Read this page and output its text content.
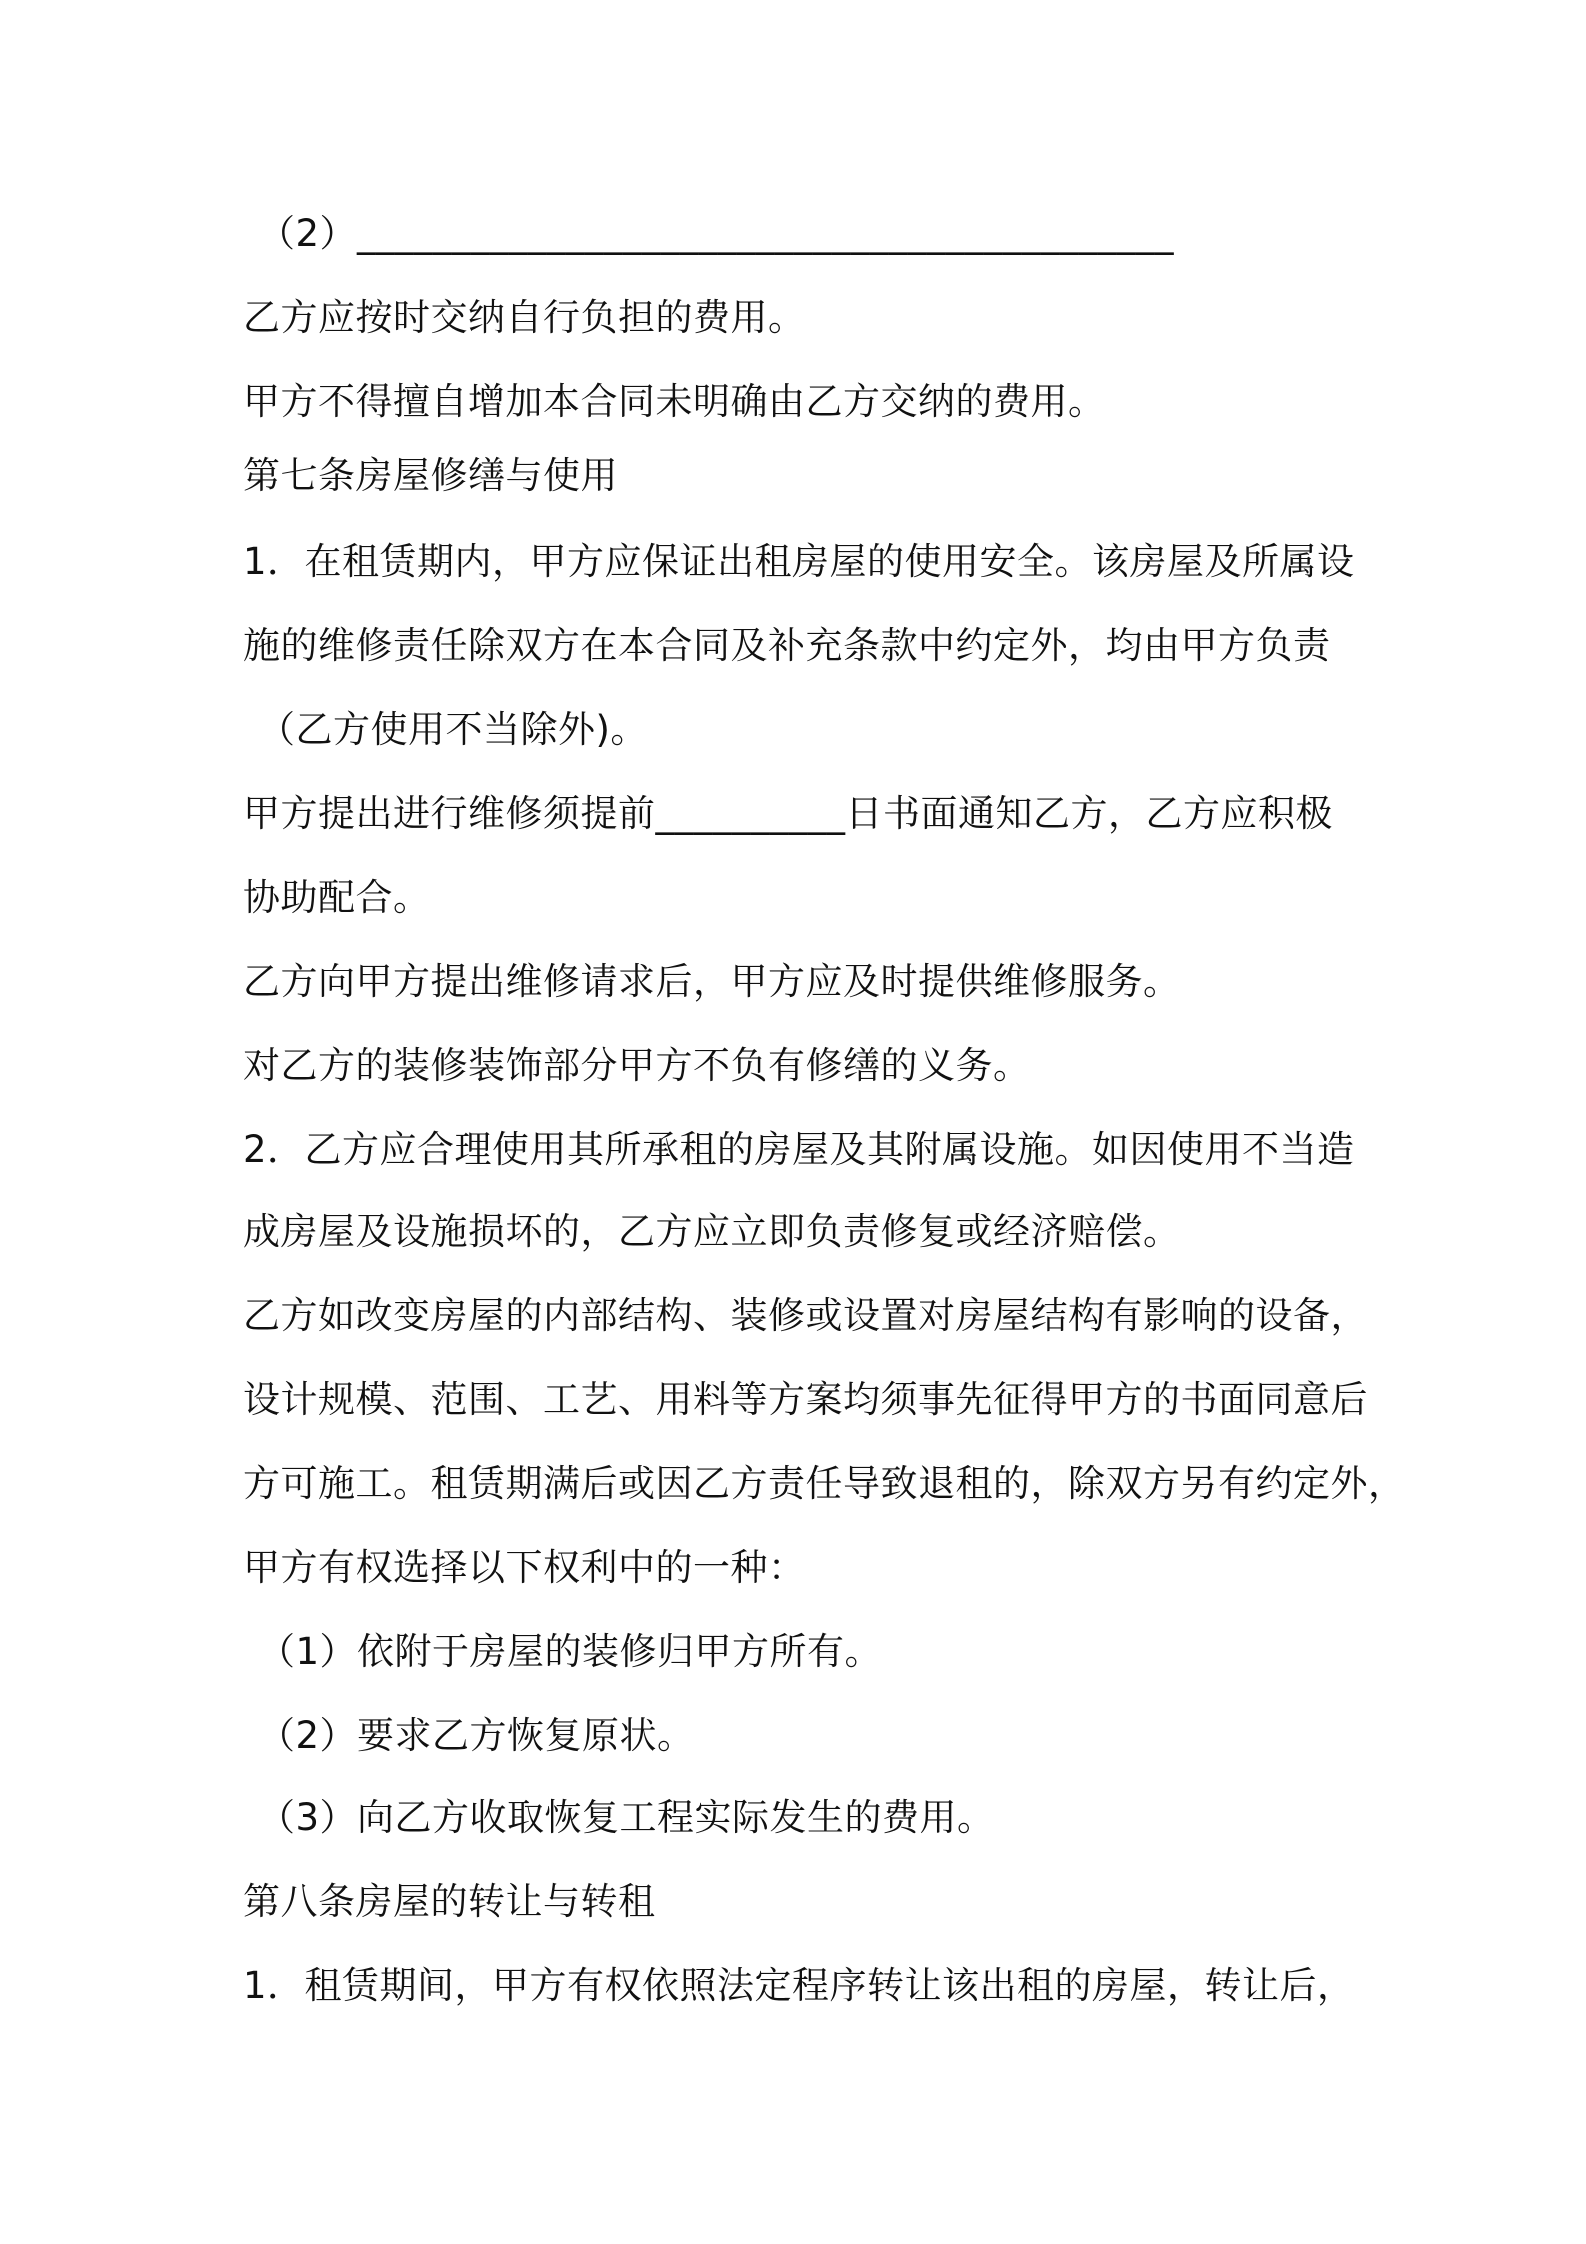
（2）___________________________________________
乙方应按时交纳自行负担的费用。
甲方不得擅自增加本合同未明确由乙方交纳的费用。
第七条房屋修缮与使用
1．在租赁期内，甲方应保证出租房屋的使用安全。该房屋及所属设
施的维修责任除双方在本合同及补充条款中约定外，均由甲方负责
（乙方使用不当除外)。
甲方提出进行维修须提前__________日书面通知乙方，乙方应积极
协助配合。
乙方向甲方提出维修请求后，甲方应及时提供维修服务。
对乙方的装修装饰部分甲方不负有修缮的义务。
2．乙方应合理使用其所承租的房屋及其附属设施。如因使用不当造
成房屋及设施损坏的，乙方应立即负责修复或经济赔偿。
乙方如改变房屋的内部结构、装修或设置对房屋结构有影响的设备，
设计规模、范围、工艺、用料等方案均须事先征得甲方的书面同意后
方可施工。租赁期满后或因乙方责任导致退租的，除双方另有约定外，
甲方有权选择以下权利中的一种：
（1）依附于房屋的装修归甲方所有。
（2）要求乙方恢复原状。
（3）向乙方收取恢复工程实际发生的费用。
第八条房屋的转让与转租
1．租赁期间，甲方有权依照法定程序转让该出租的房屋，转让后，
